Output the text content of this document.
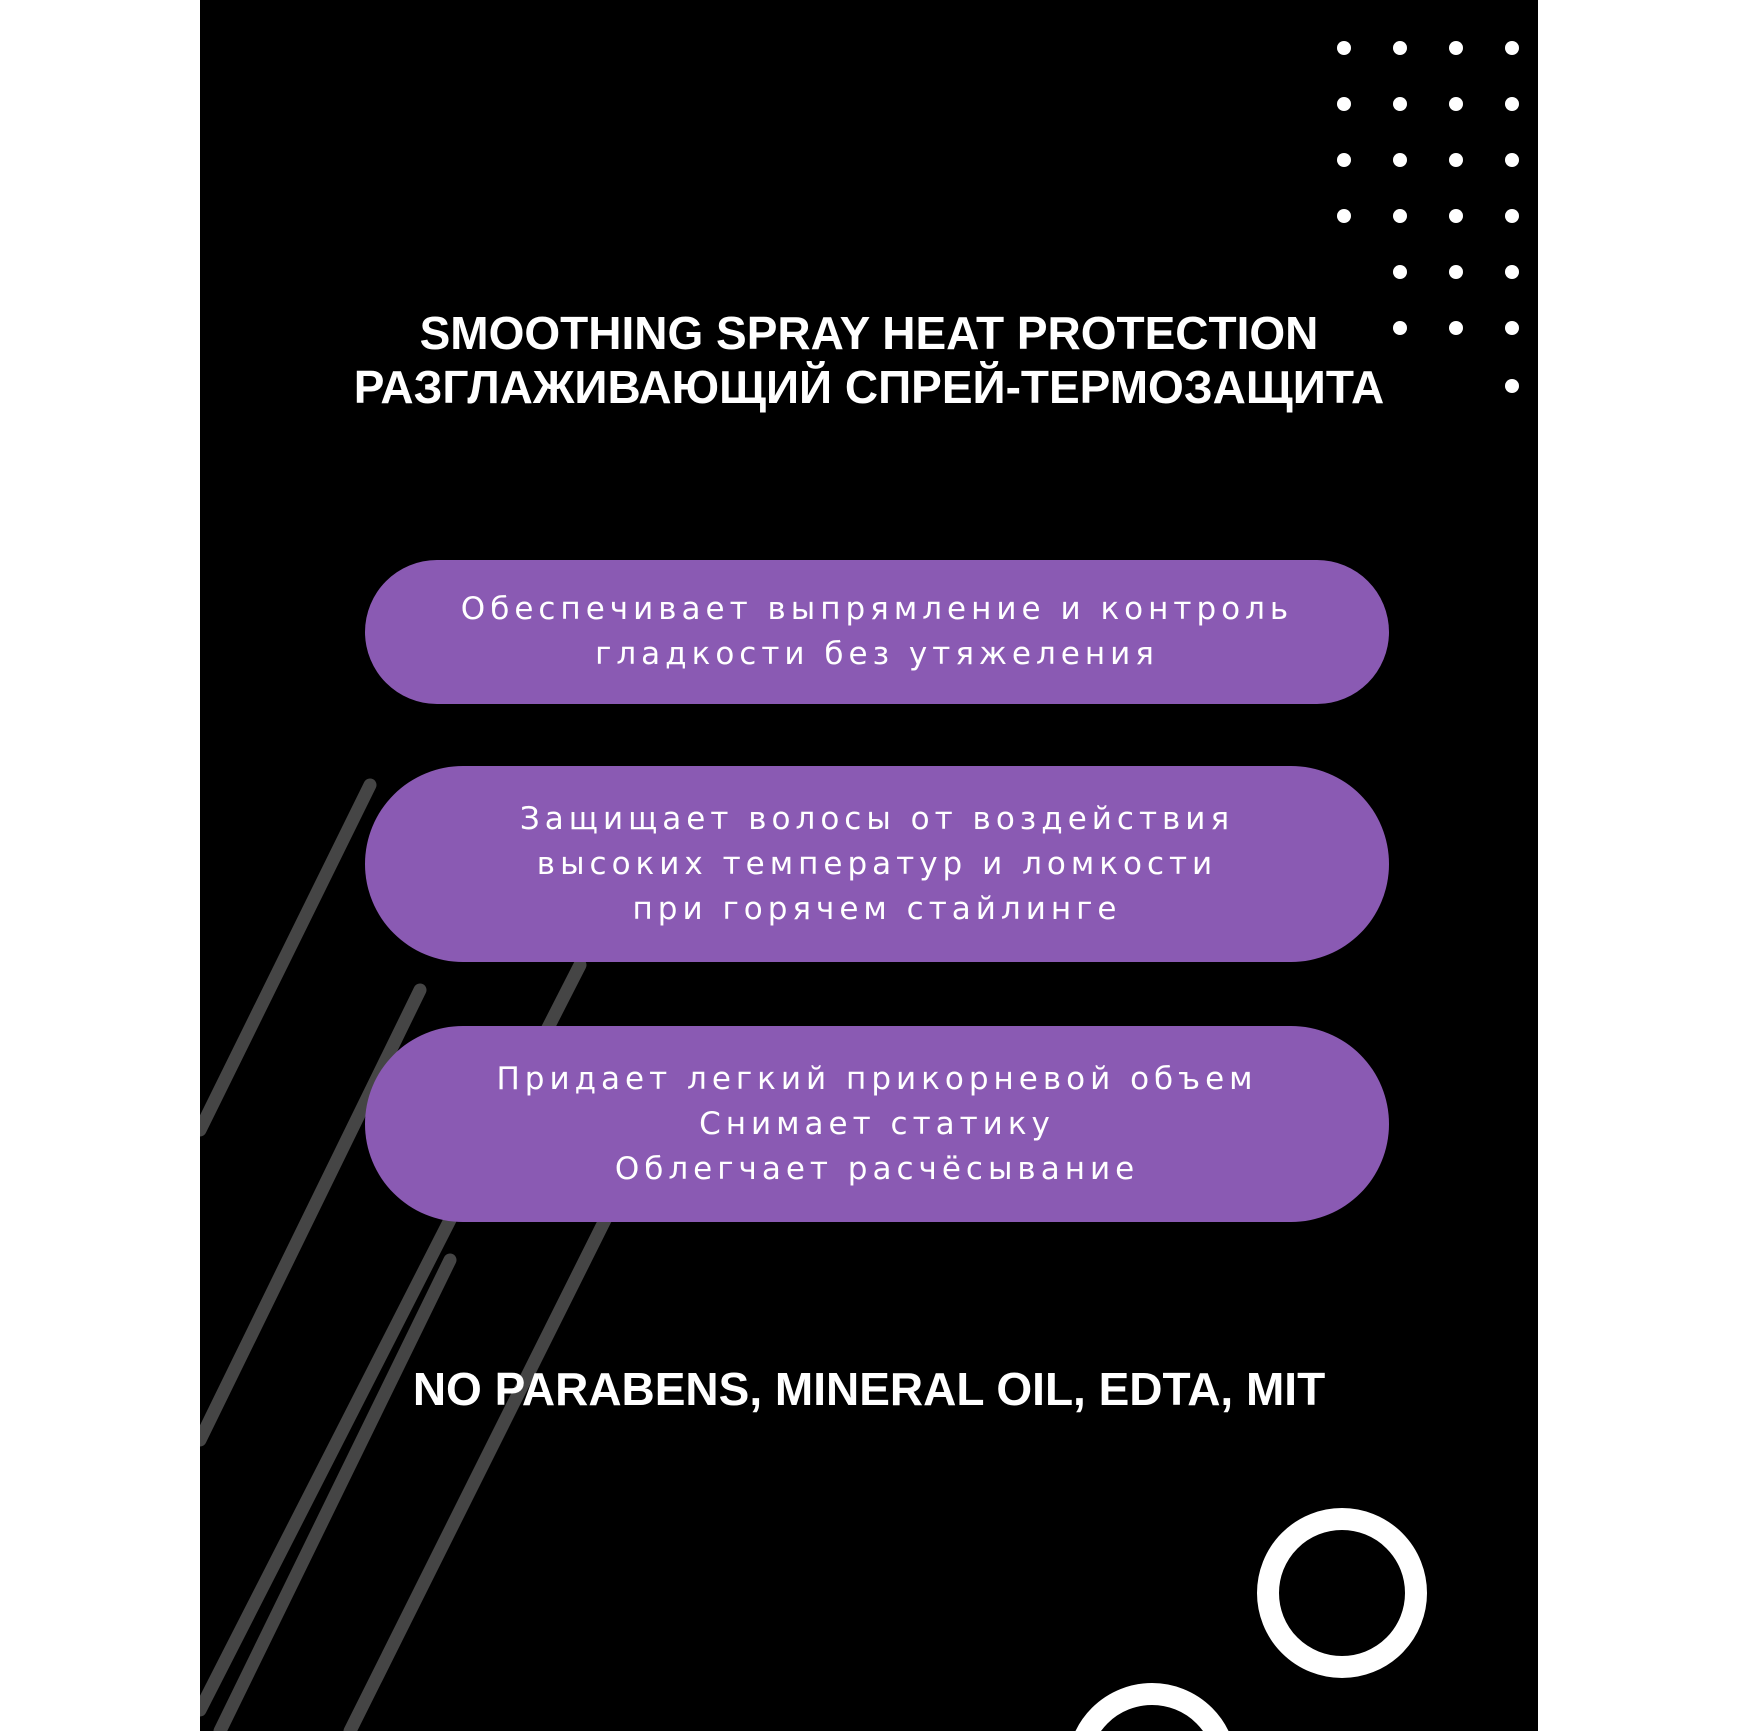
SMOOTHING SPRAY HEAT PROTECTION
РАЗГЛАЖИВАЮЩИЙ СПРЕЙ-ТЕРМОЗАЩИТА
Обеспечивает выпрямление и контроль
гладкости без утяжеления
Защищает волосы от воздействия
высоких температур и ломкости
при горячем стайлинге
Придает легкий прикорневой объем
Снимает статику
Облегчает расчёсывание
NO PARABENS, MINERAL OIL, EDTA, MIT
